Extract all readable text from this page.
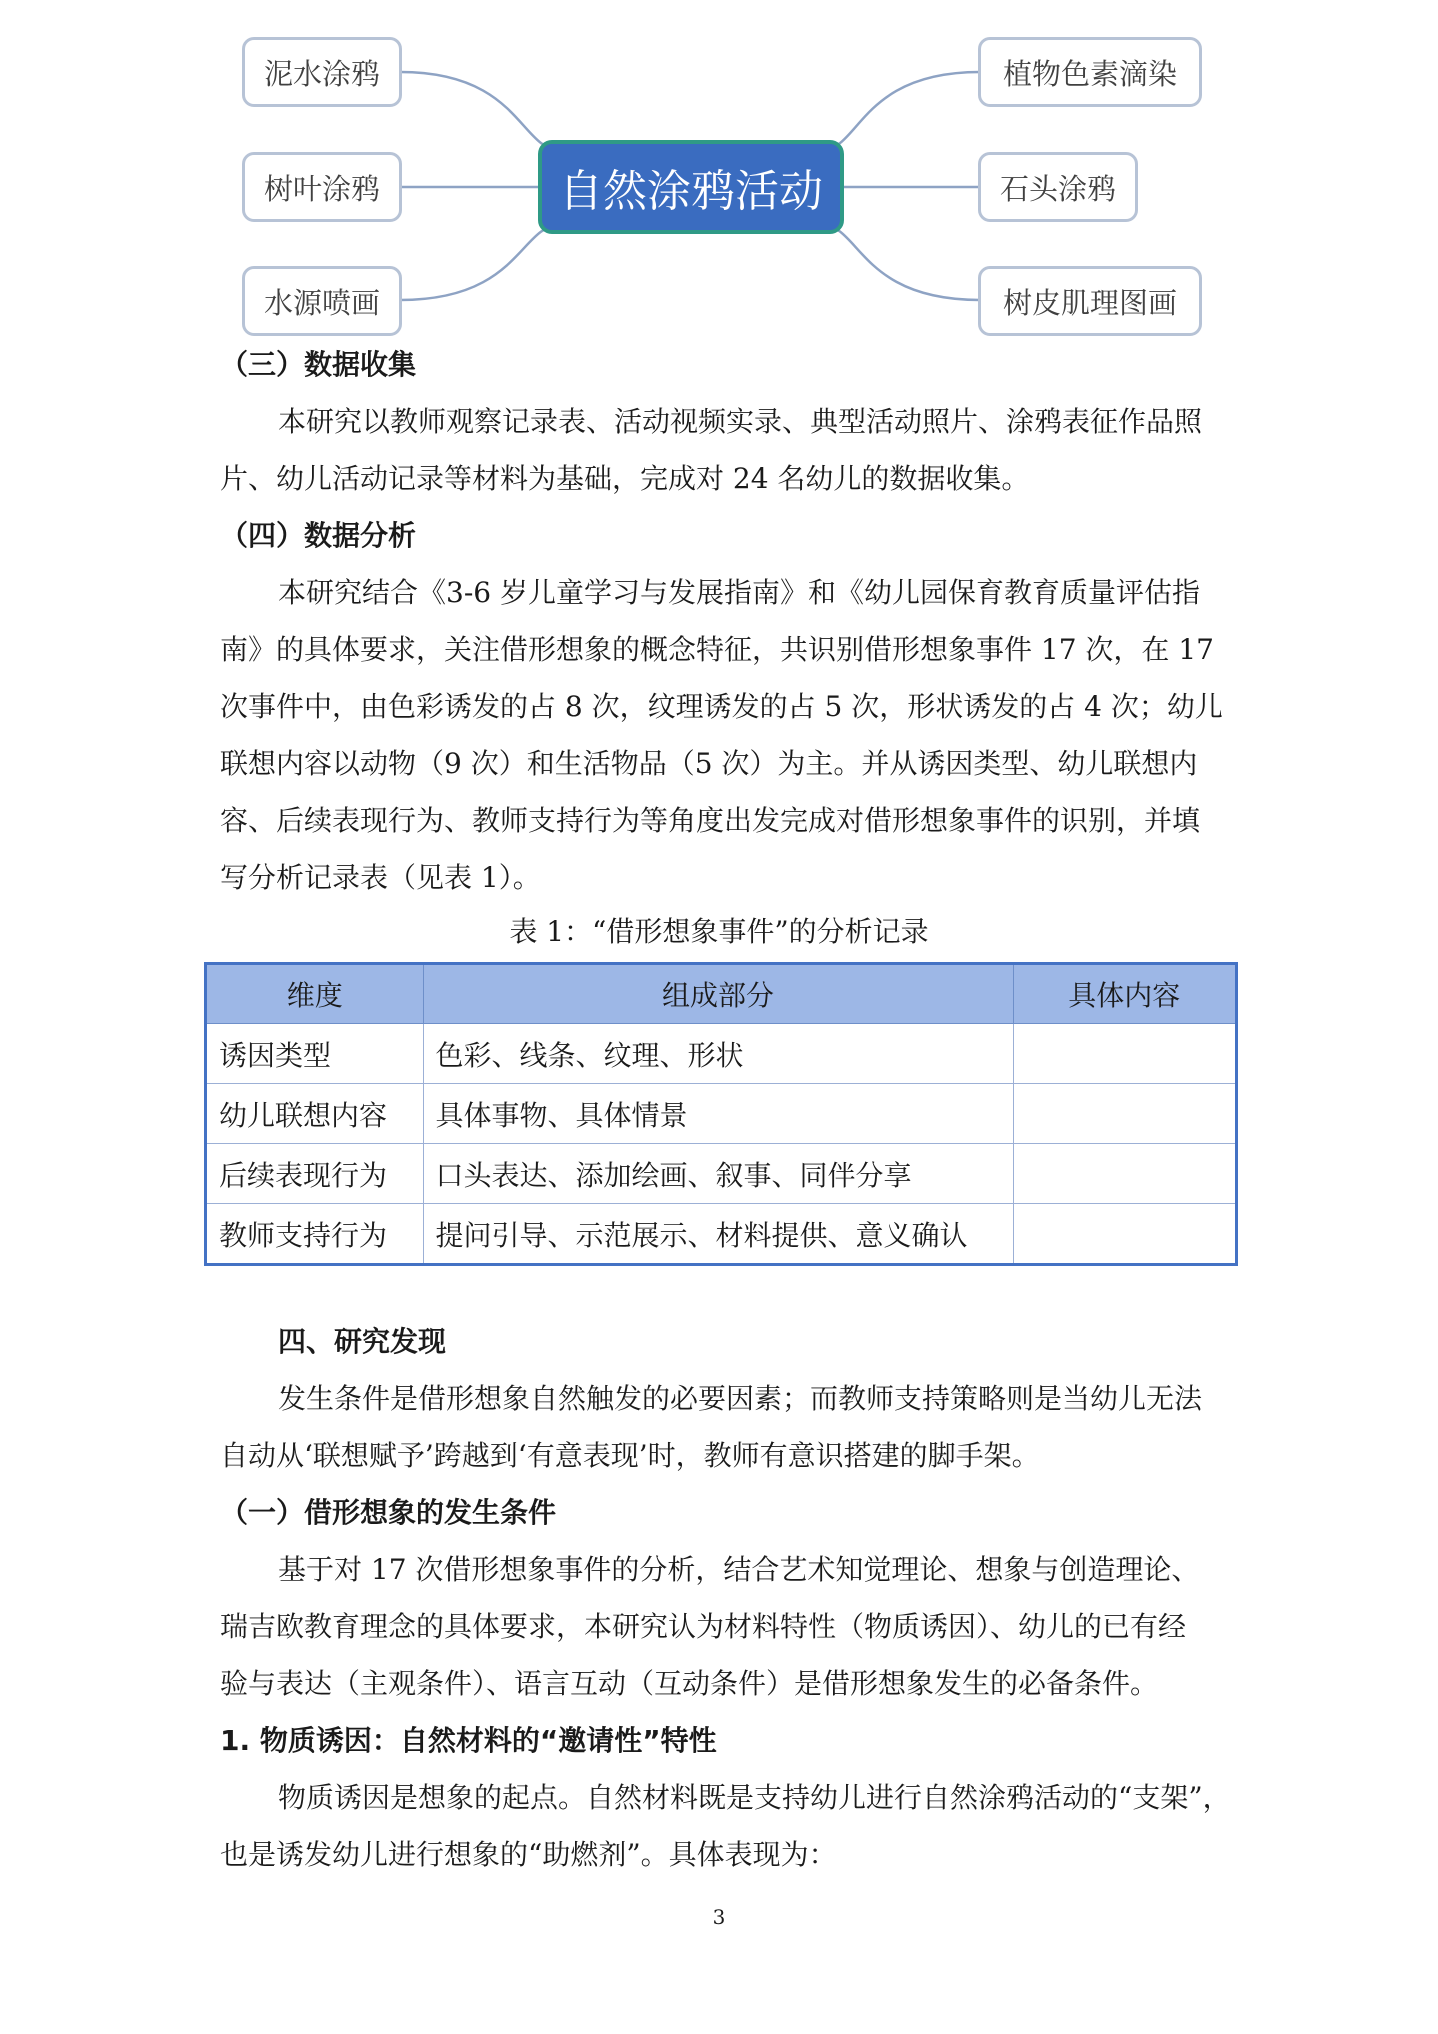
自然涂鸦活动
泥水涂鸦
树叶涂鸦
水源喷画
植物色素滴染
石头涂鸦
树皮肌理图画
（三）数据收集
本研究以教师观察记录表、活动视频实录、典型活动照片、涂鸦表征作品照
片、幼儿活动记录等材料为基础，完成对 24 名幼儿的数据收集。
（四）数据分析
本研究结合《3-6 岁儿童学习与发展指南》和《幼儿园保育教育质量评估指
南》的具体要求，关注借形想象的概念特征，共识别借形想象事件 17 次，在 17
次事件中，由色彩诱发的占 8 次，纹理诱发的占 5 次，形状诱发的占 4 次；幼儿
联想内容以动物（9 次）和生活物品（5 次）为主。并从诱因类型、幼儿联想内
容、后续表现行为、教师支持行为等角度出发完成对借形想象事件的识别，并填
写分析记录表（见表 1）。
表 1：“借形想象事件”的分析记录
维度	组成部分	具体内容
诱因类型	色彩、线条、纹理、形状	
幼儿联想内容	具体事物、具体情景	
后续表现行为	口头表达、添加绘画、叙事、同伴分享	
教师支持行为	提问引导、示范展示、材料提供、意义确认	
四、研究发现
发生条件是借形想象自然触发的必要因素；而教师支持策略则是当幼儿无法
自动从‘联想赋予’跨越到‘有意表现’时，教师有意识搭建的脚手架。
（一）借形想象的发生条件
基于对 17 次借形想象事件的分析，结合艺术知觉理论、想象与创造理论、
瑞吉欧教育理念的具体要求，本研究认为材料特性（物质诱因）、幼儿的已有经
验与表达（主观条件）、语言互动（互动条件）是借形想象发生的必备条件。
1. 物质诱因：自然材料的“邀请性”特性
物质诱因是想象的起点。自然材料既是支持幼儿进行自然涂鸦活动的“支架”，
也是诱发幼儿进行想象的“助燃剂”。具体表现为：
3
